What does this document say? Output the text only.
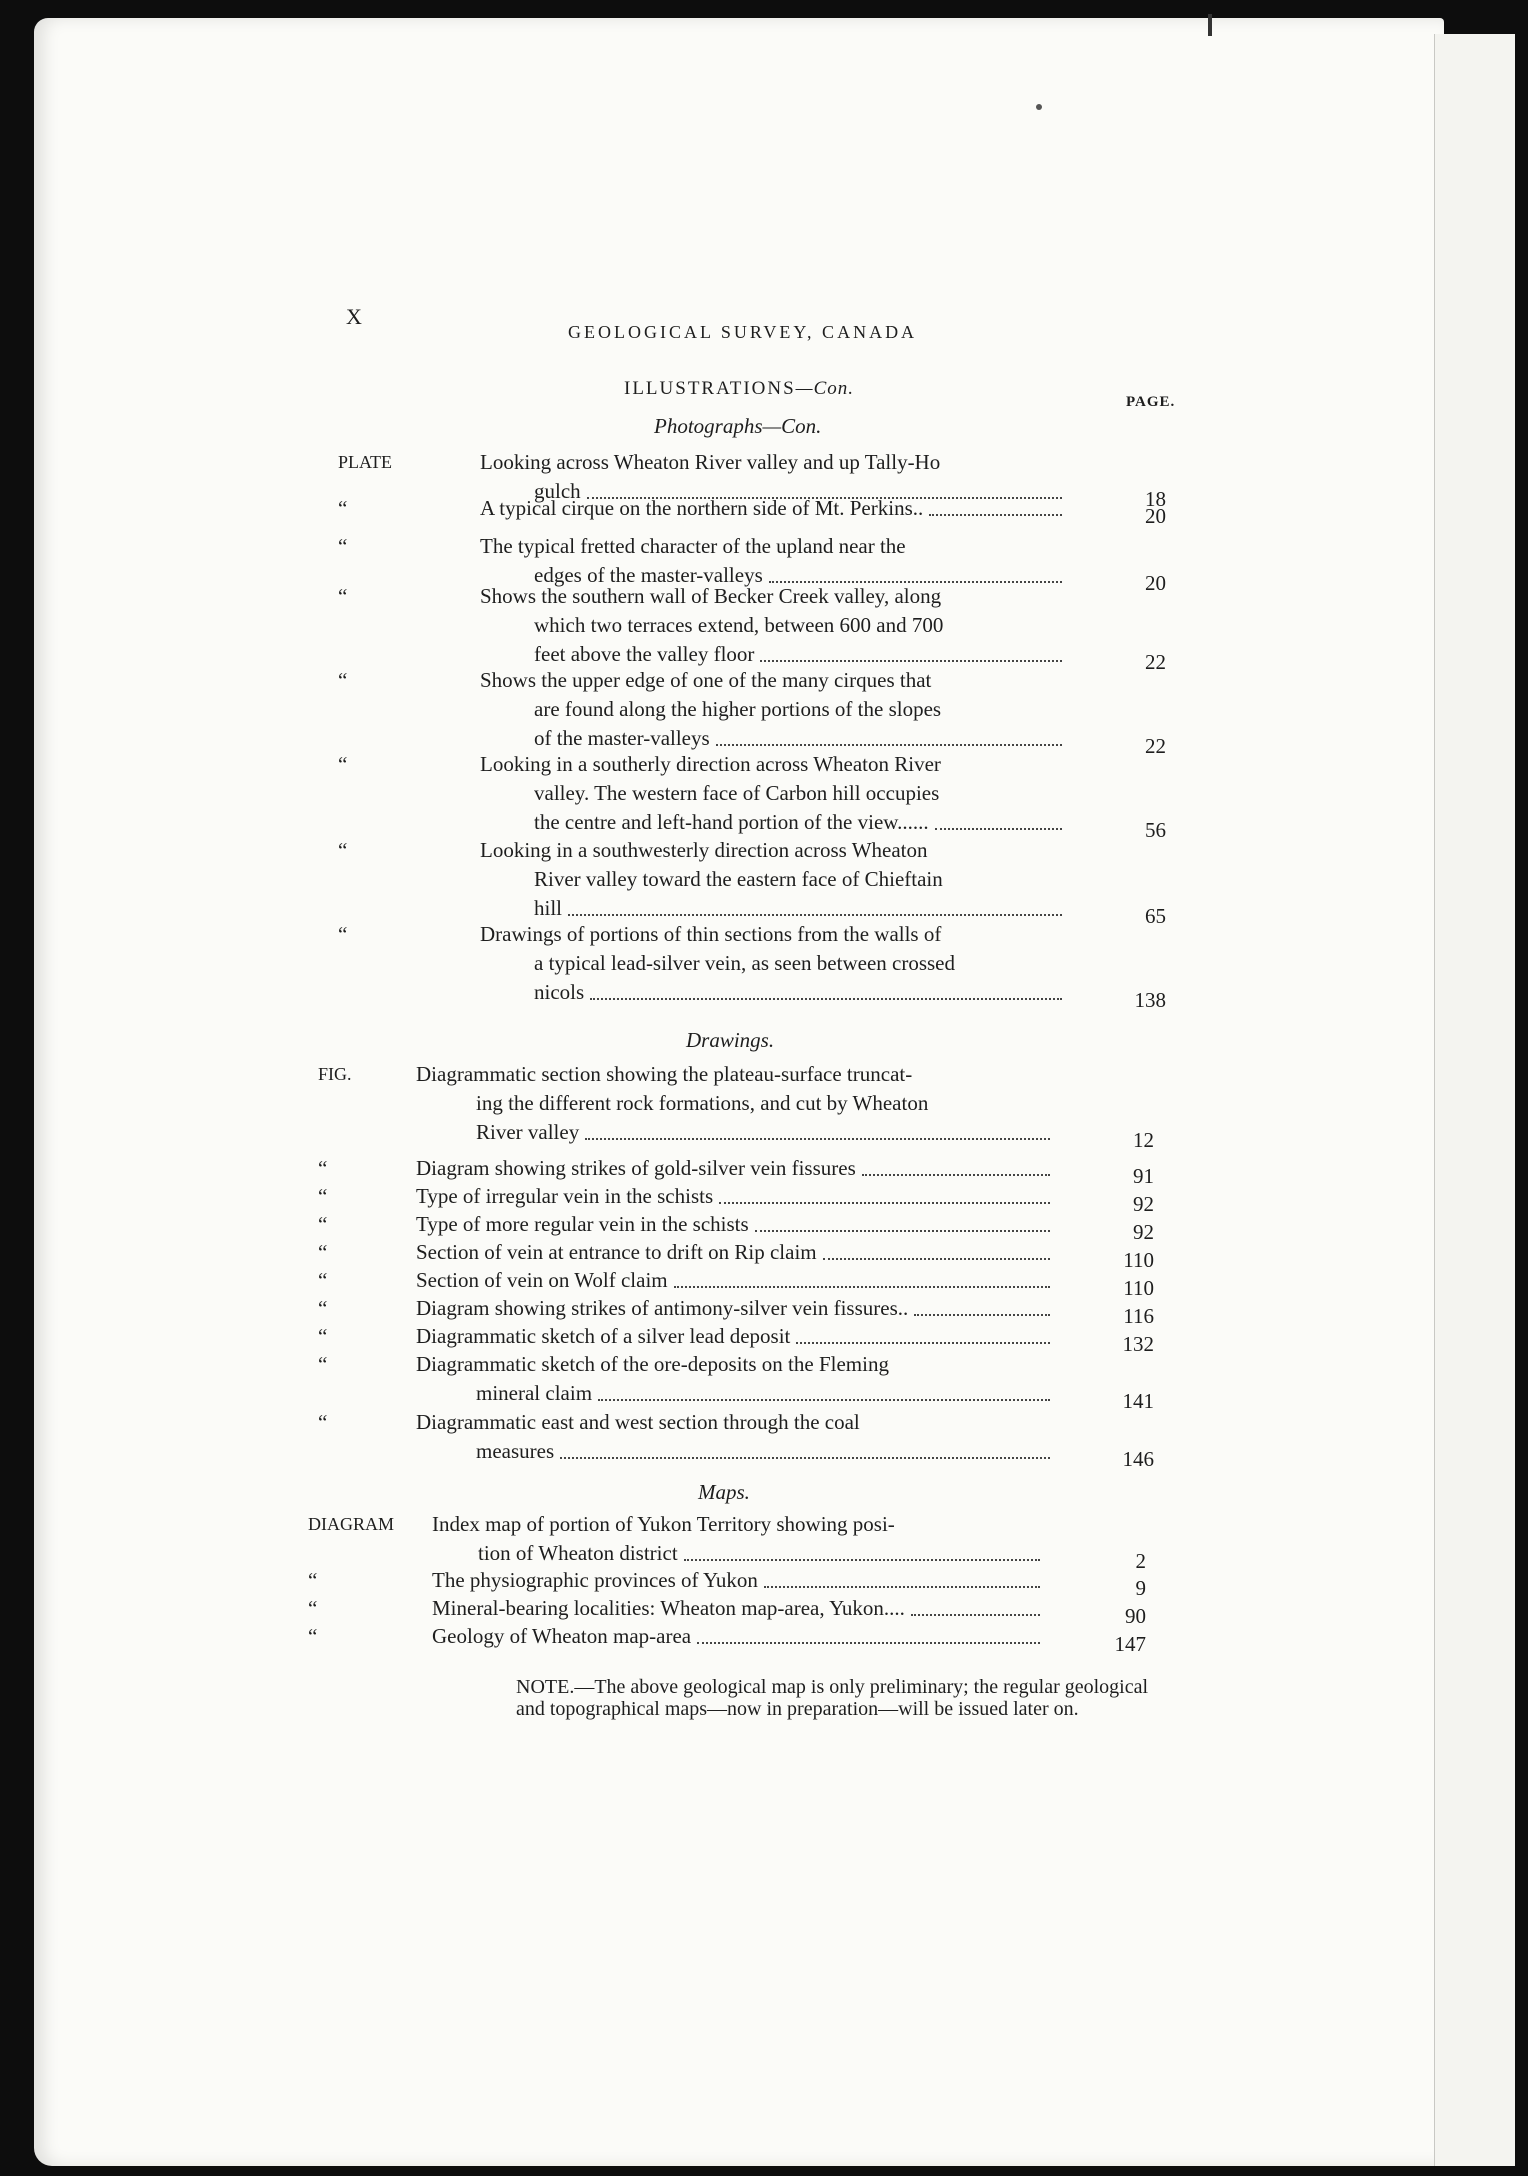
X
GEOLOGICAL SURVEY, CANADA
ILLUSTRATIONS—Con.
PAGE.
Photographs—Con.
PLATE	Looking across Wheaton River valley and up Tally-Ho
gulch	18
“	A typical cirque on the northern side of Mt. Perkins..	20
“	The typical fretted character of the upland near the
edges of the master-valleys	20
“	Shows the southern wall of Becker Creek valley, along
which two terraces extend, between 600 and 700
feet above the valley floor	22
“	Shows the upper edge of one of the many cirques that
are found along the higher portions of the slopes
of the master-valleys	22
“	Looking in a southerly direction across Wheaton River
valley. The western face of Carbon hill occupies
the centre and left-hand portion of the view......	56
“	Looking in a southwesterly direction across Wheaton
River valley toward the eastern face of Chieftain
hill	65
“	Drawings of portions of thin sections from the walls of
a typical lead-silver vein, as seen between crossed
nicols	138
Drawings.
FIG.	Diagrammatic section showing the plateau-surface truncat-
ing the different rock formations, and cut by Wheaton
River valley	12
“	Diagram showing strikes of gold-silver vein fissures	91
“	Type of irregular vein in the schists	92
“	Type of more regular vein in the schists	92
“	Section of vein at entrance to drift on Rip claim	110
“	Section of vein on Wolf claim	110
“	Diagram showing strikes of antimony-silver vein fissures..	116
“	Diagrammatic sketch of a silver lead deposit	132
“	Diagrammatic sketch of the ore-deposits on the Fleming
mineral claim	141
“	Diagrammatic east and west section through the coal
measures	146
Maps.
DIAGRAM Index map of portion of Yukon Territory showing posi-
tion of Wheaton district	2
“	The physiographic provinces of Yukon	9
“	Mineral-bearing localities: Wheaton map-area, Yukon....	90
“	Geology of Wheaton map-area	147
NOTE.—The above geological map is only preliminary; the regular geological and topographical maps—now in preparation—will be issued later on.
